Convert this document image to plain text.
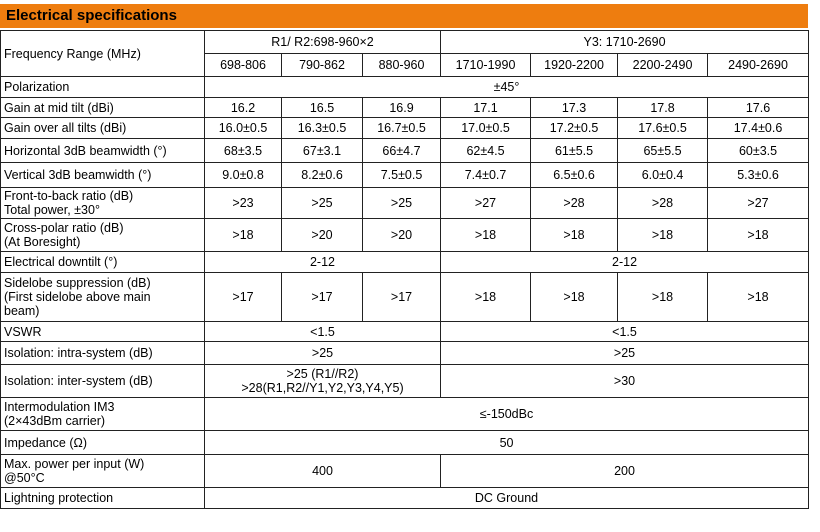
Electrical specifications
Frequency Range (MHz)	R1/ R2:698-960×2			Y3: 1710-2690			
	698-806	790-862	880-960	1710-1990	1920-2200	2200-2490	2490-2690
Polarization	±45°						
Gain at mid tilt (dBi)	16.2	16.5	16.9	17.1	17.3	17.8	17.6
Gain over all tilts (dBi)	16.0±0.5	16.3±0.5	16.7±0.5	17.0±0.5	17.2±0.5	17.6±0.5	17.4±0.6
Horizontal 3dB beamwidth (°)	68±3.5	67±3.1	66±4.7	62±4.5	61±5.5	65±5.5	60±3.5
Vertical 3dB beamwidth (°)	9.0±0.8	8.2±0.6	7.5±0.5	7.4±0.7	6.5±0.6	6.0±0.4	5.3±0.6

Front-to-back ratio (dB)
Total power, ±30°	>23	>25	>25	>27	>28	>28	>27

Cross-polar ratio (dB)
(At Boresight)	>18	>20	>20	>18	>18	>18	>18
Electrical downtilt (°)	2-12			2-12			

Sidelobe suppression (dB)
(First sidelobe above main
beam)	>17	>17	>17	>18	>18	>18	>18
VSWR	<1.5			<1.5			
Isolation: intra-system (dB)	>25			>25			
Isolation: inter-system (dB)	>25 (R1//R2)
>28(R1,R2//Y1,Y2,Y3,Y4,Y5)			>30			

Intermodulation IM3
(2×43dBm carrier)	≤-150dBc						
Impedance (Ω)	50						

Max. power per input (W)
@50°C	400			200			
Lightning protection	DC Ground						
